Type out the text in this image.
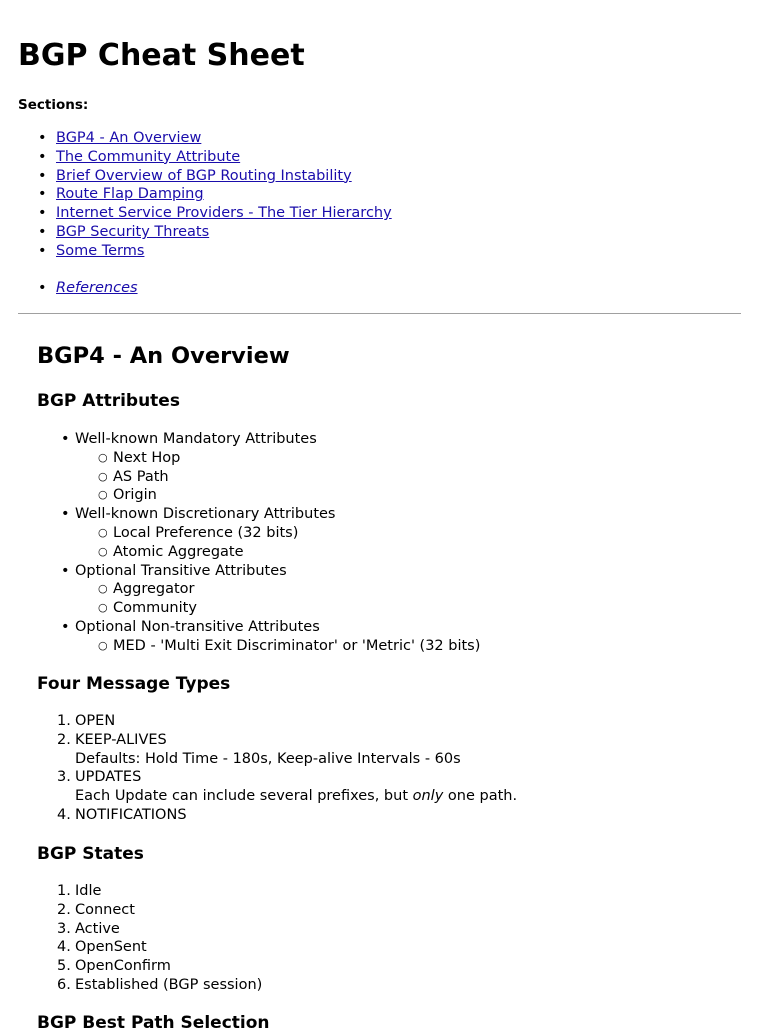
BGP Cheat Sheet

Sections:

• BGP4 - An Overview
• The Community Attribute
• Brief Overview of BGP Routing Instability
• Route Flap Damping
• Internet Service Providers - The Tier Hierarchy
• BGP Security Threats
• Some Terms
• References
BGP4 - An Overview
BGP Attributes
• Well-known Mandatory Attributes
○ Next Hop
○ AS Path
○ Origin
• Well-known Discretionary Attributes
○ Local Preference (32 bits)
○ Atomic Aggregate
• Optional Transitive Attributes
○ Aggregator
○ Community
• Optional Non-transitive Attributes
○ MED - 'Multi Exit Discriminator' or 'Metric' (32 bits)
Four Message Types
1. OPEN
2. KEEP-ALIVES
Defaults: Hold Time - 180s, Keep-alive Intervals - 60s
3. UPDATES
Each Update can include several prefixes, but only one path.
4. NOTIFICATIONS
BGP States
1. Idle
2. Connect
3. Active
4. OpenSent
5. OpenConfirm
6. Established (BGP session)
BGP Best Path Selection
